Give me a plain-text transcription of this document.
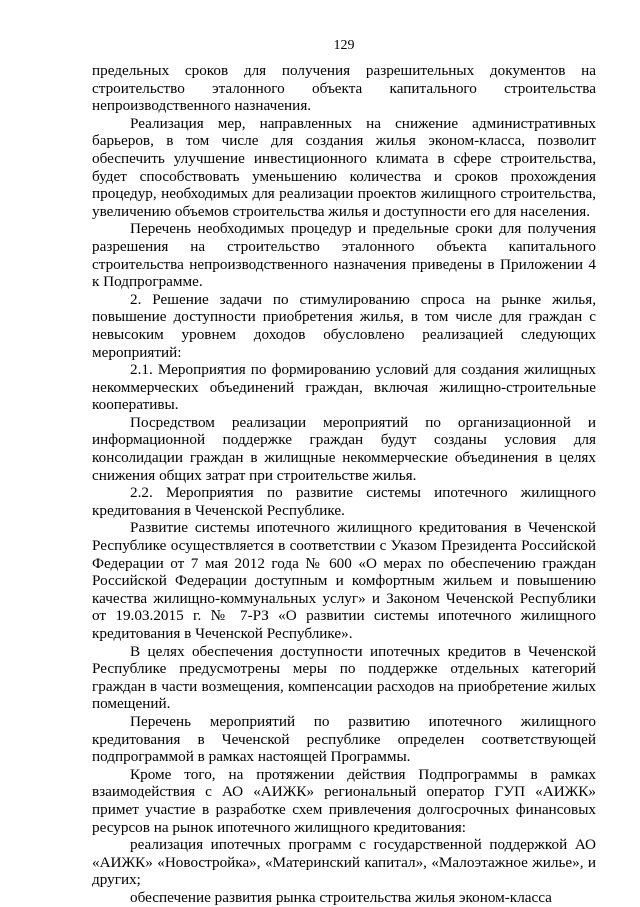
129

предельных сроков для получения разрешительных документов на строительство эталонного объекта капитального строительства непроизводственного назначения.

Реализация мер, направленных на снижение административных барьеров, в том числе для создания жилья эконом-класса, позволит обеспечить улучшение инвестиционного климата в сфере строительства, будет способствовать уменьшению количества и сроков прохождения процедур, необходимых для реализации проектов жилищного строительства, увеличению объемов строительства жилья и доступности его для населения.

Перечень необходимых процедур и предельные сроки для получения разрешения на строительство эталонного объекта капитального строительства непроизводственного назначения приведены в Приложении 4 к Подпрограмме.

2. Решение задачи по стимулированию спроса на рынке жилья, повышение доступности приобретения жилья, в том числе для граждан с невысоким уровнем доходов обусловлено реализацией следующих мероприятий:

2.1. Мероприятия по формированию условий для создания жилищных некоммерческих объединений граждан, включая жилищно-строительные кооперативы.

Посредством реализации мероприятий по организационной и информационной поддержке граждан будут созданы условия для консолидации граждан в жилищные некоммерческие объединения в целях снижения общих затрат при строительстве жилья.

2.2. Мероприятия по развитие системы ипотечного жилищного кредитования в Чеченской Республике.

Развитие системы ипотечного жилищного кредитования в Чеченской Республике осуществляется в соответствии с Указом Президента Российской Федерации от 7 мая 2012 года № 600 «О мерах по обеспечению граждан Российской Федерации доступным и комфортным жильем и повышению качества жилищно-коммунальных услуг» и Законом Чеченской Республики от 19.03.2015 г. № 7-РЗ «О развитии системы ипотечного жилищного кредитования в Чеченской Республике».

В целях обеспечения доступности ипотечных кредитов в Чеченской Республике предусмотрены меры по поддержке отдельных категорий граждан в части возмещения, компенсации расходов на приобретение жилых помещений.

Перечень мероприятий по развитию ипотечного жилищного кредитования в Чеченской республике определен соответствующей подпрограммой в рамках настоящей Программы.

Кроме того, на протяжении действия Подпрограммы в рамках взаимодействия с АО «АИЖК» региональный оператор ГУП «АИЖК» примет участие в разработке схем привлечения долгосрочных финансовых ресурсов на рынок ипотечного жилищного кредитования:

реализация ипотечных программ с государственной поддержкой АО «АИЖК» «Новостройка», «Материнский капитал», «Малоэтажное жилье», и других;

обеспечение развития рынка строительства жилья эконом-класса
